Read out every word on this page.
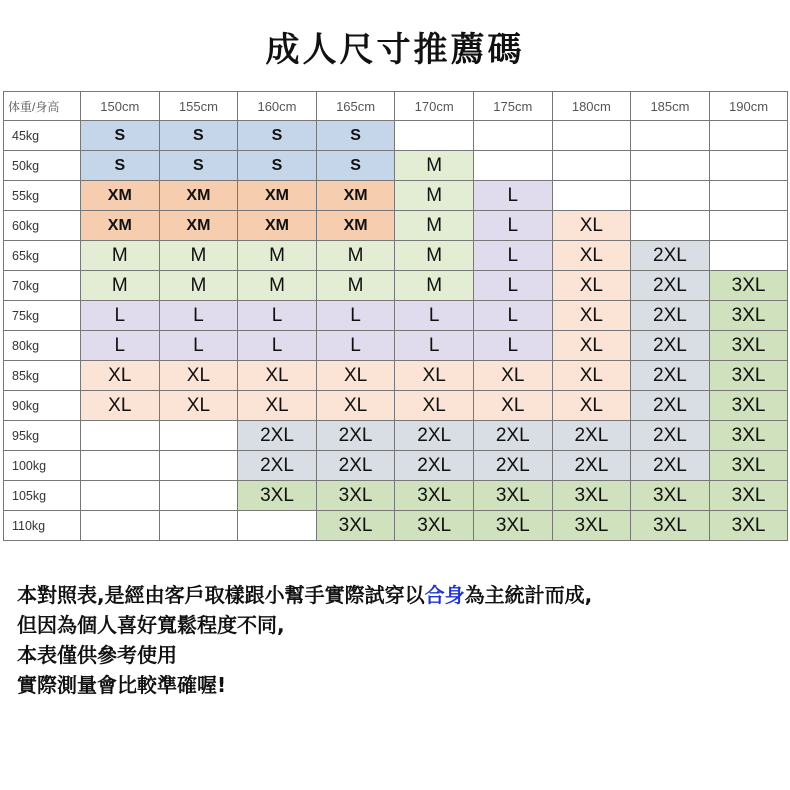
成人尺寸推薦碼
体重/身高	150cm	155cm	160cm	165cm	170cm	175cm	180cm	185cm	190cm
45kg	S	S	S	S					
50kg	S	S	S	S	M				
55kg	XM	XM	XM	XM	M	L			
60kg	XM	XM	XM	XM	M	L	XL		
65kg	M	M	M	M	M	L	XL	2XL	
70kg	M	M	M	M	M	L	XL	2XL	3XL
75kg	L	L	L	L	L	L	XL	2XL	3XL
80kg	L	L	L	L	L	L	XL	2XL	3XL
85kg	XL	XL	XL	XL	XL	XL	XL	2XL	3XL
90kg	XL	XL	XL	XL	XL	XL	XL	2XL	3XL
95kg			2XL	2XL	2XL	2XL	2XL	2XL	3XL
100kg			2XL	2XL	2XL	2XL	2XL	2XL	3XL
105kg			3XL	3XL	3XL	3XL	3XL	3XL	3XL
110kg				3XL	3XL	3XL	3XL	3XL	3XL
本對照表,是經由客戶取樣跟小幫手實際試穿以合身為主統計而成,
但因為個人喜好寬鬆程度不同,
本表僅供參考使用
實際測量會比較準確喔!
